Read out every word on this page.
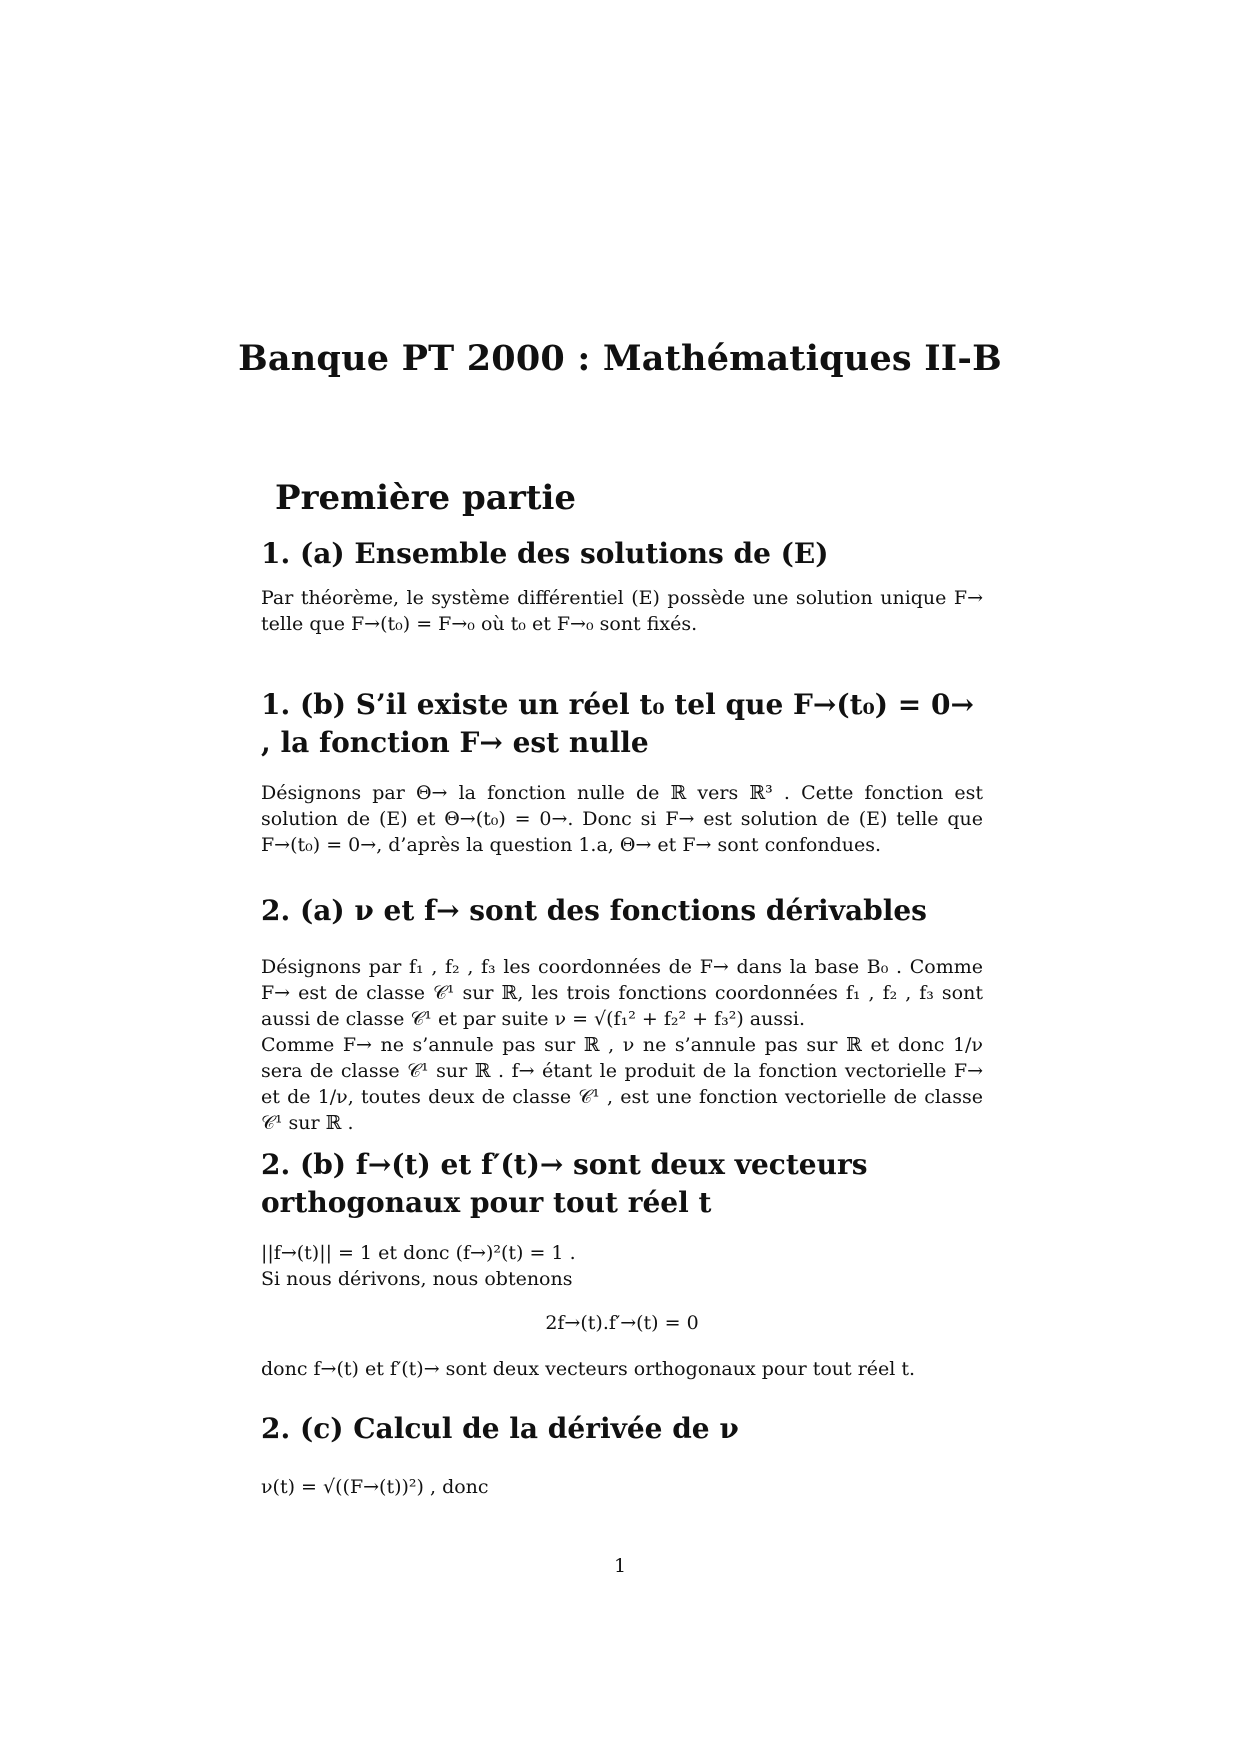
Banque PT 2000 : Mathématiques II-B
Première partie
1. (a) Ensemble des solutions de (E)

Par théorème, le système différentiel (E) possède une solution unique F→ telle que F→(t₀) = F→₀ où t₀ et F→₀ sont fixés.

1. (b) S’il existe un réel t₀ tel que F→(t₀) = 0→ , la fonction F→ est nulle

Désignons par Θ→ la fonction nulle de ℝ vers ℝ³ . Cette fonction est solution de (E) et Θ→(t₀) = 0→. Donc si F→ est solution de (E) telle que F→(t₀) = 0→, d’après la question 1.a, Θ→ et F→ sont confondues.

2. (a) ν et f→ sont des fonctions dérivables

Désignons par f₁ , f₂ , f₃ les coordonnées de F→ dans la base B₀ . Comme F→ est de classe 𝒞¹ sur ℝ, les trois fonctions coordonnées f₁ , f₂ , f₃ sont aussi de classe 𝒞¹ et par suite ν = √(f₁² + f₂² + f₃²) aussi.

Comme F→ ne s’annule pas sur ℝ , ν ne s’annule pas sur ℝ et donc 1/ν sera de classe 𝒞¹ sur ℝ . f→ étant le produit de la fonction vectorielle F→ et de 1/ν, toutes deux de classe 𝒞¹ , est une fonction vectorielle de classe 𝒞¹ sur ℝ .

2. (b) f→(t) et f′(t)→ sont deux vecteurs orthogonaux pour tout réel t

||f→(t)|| = 1 et donc (f→)²(t) = 1 .

Si nous dérivons, nous obtenons

2f→(t).f′→(t) = 0

donc f→(t) et f′(t)→ sont deux vecteurs orthogonaux pour tout réel t.

2. (c) Calcul de la dérivée de ν

ν(t) = √((F→(t))²) , donc

1
